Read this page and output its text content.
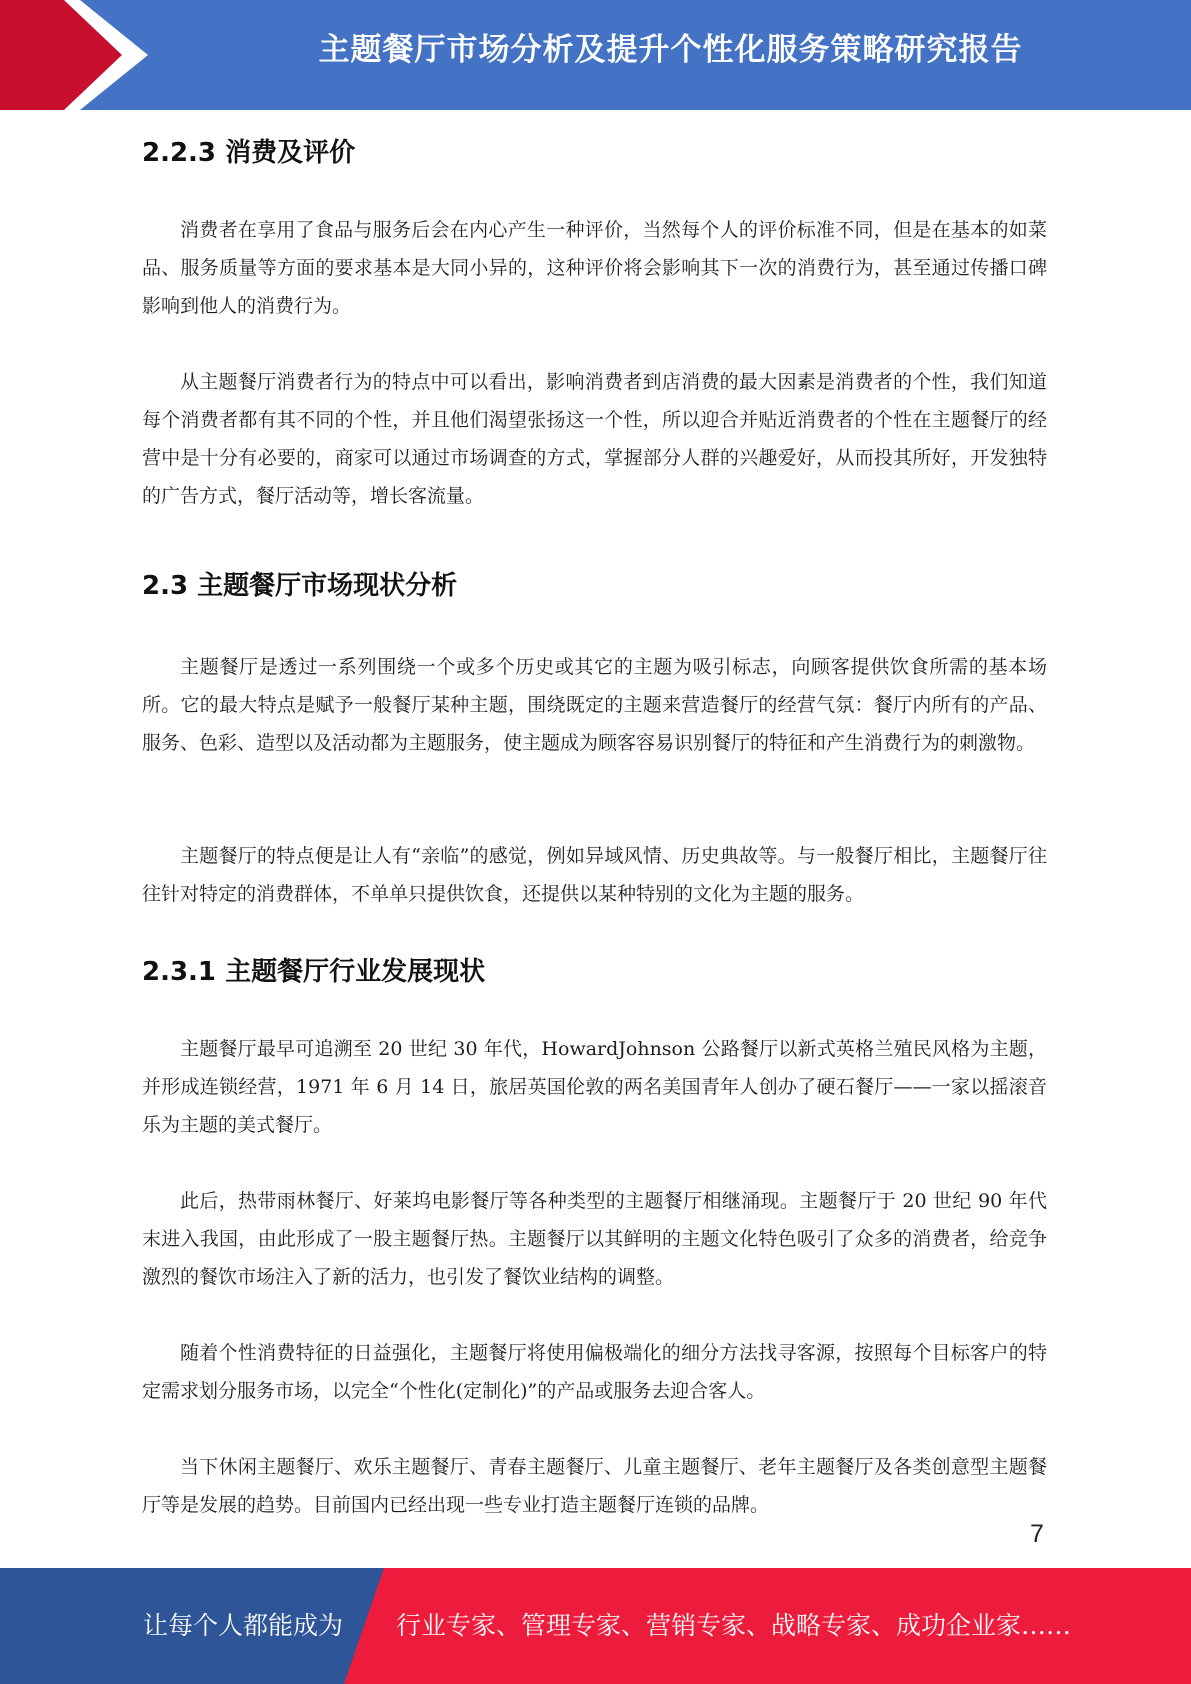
主题餐厅市场分析及提升个性化服务策略研究报告
2.2.3 消费及评价

消费者在享用了食品与服务后会在内心产生一种评价，当然每个人的评价标准不同，但是在基本的如菜品、服务质量等方面的要求基本是大同小异的，这种评价将会影响其下一次的消费行为，甚至通过传播口碑影响到他人的消费行为。

从主题餐厅消费者行为的特点中可以看出，影响消费者到店消费的最大因素是消费者的个性，我们知道每个消费者都有其不同的个性，并且他们渴望张扬这一个性，所以迎合并贴近消费者的个性在主题餐厅的经营中是十分有必要的，商家可以通过市场调查的方式，掌握部分人群的兴趣爱好，从而投其所好，开发独特的广告方式，餐厅活动等，增长客流量。

2.3 主题餐厅市场现状分析

主题餐厅是透过一系列围绕一个或多个历史或其它的主题为吸引标志，向顾客提供饮食所需的基本场所。它的最大特点是赋予一般餐厅某种主题，围绕既定的主题来营造餐厅的经营气氛：餐厅内所有的产品、服务、色彩、造型以及活动都为主题服务，使主题成为顾客容易识别餐厅的特征和产生消费行为的刺激物。

主题餐厅的特点便是让人有“亲临”的感觉，例如异域风情、历史典故等。与一般餐厅相比，主题餐厅往往针对特定的消费群体，不单单只提供饮食，还提供以某种特别的文化为主题的服务。

2.3.1 主题餐厅行业发展现状

主题餐厅最早可追溯至 20 世纪 30 年代，HowardJohnson 公路餐厅以新式英格兰殖民风格为主题，并形成连锁经营，1971 年 6 月 14 日，旅居英国伦敦的两名美国青年人创办了硬石餐厅——一家以摇滚音乐为主题的美式餐厅。

此后，热带雨林餐厅、好莱坞电影餐厅等各种类型的主题餐厅相继涌现。主题餐厅于 20 世纪 90 年代末进入我国，由此形成了一股主题餐厅热。主题餐厅以其鲜明的主题文化特色吸引了众多的消费者，给竞争激烈的餐饮市场注入了新的活力，也引发了餐饮业结构的调整。

随着个性消费特征的日益强化，主题餐厅将使用偏极端化的细分方法找寻客源，按照每个目标客户的特定需求划分服务市场，以完全“个性化(定制化)”的产品或服务去迎合客人。

当下休闲主题餐厅、欢乐主题餐厅、青春主题餐厅、儿童主题餐厅、老年主题餐厅及各类创意型主题餐厅等是发展的趋势。目前国内已经出现一些专业打造主题餐厅连锁的品牌。

7
让每个人都能成为 行业专家、管理专家、营销专家、战略专家、成功企业家……
